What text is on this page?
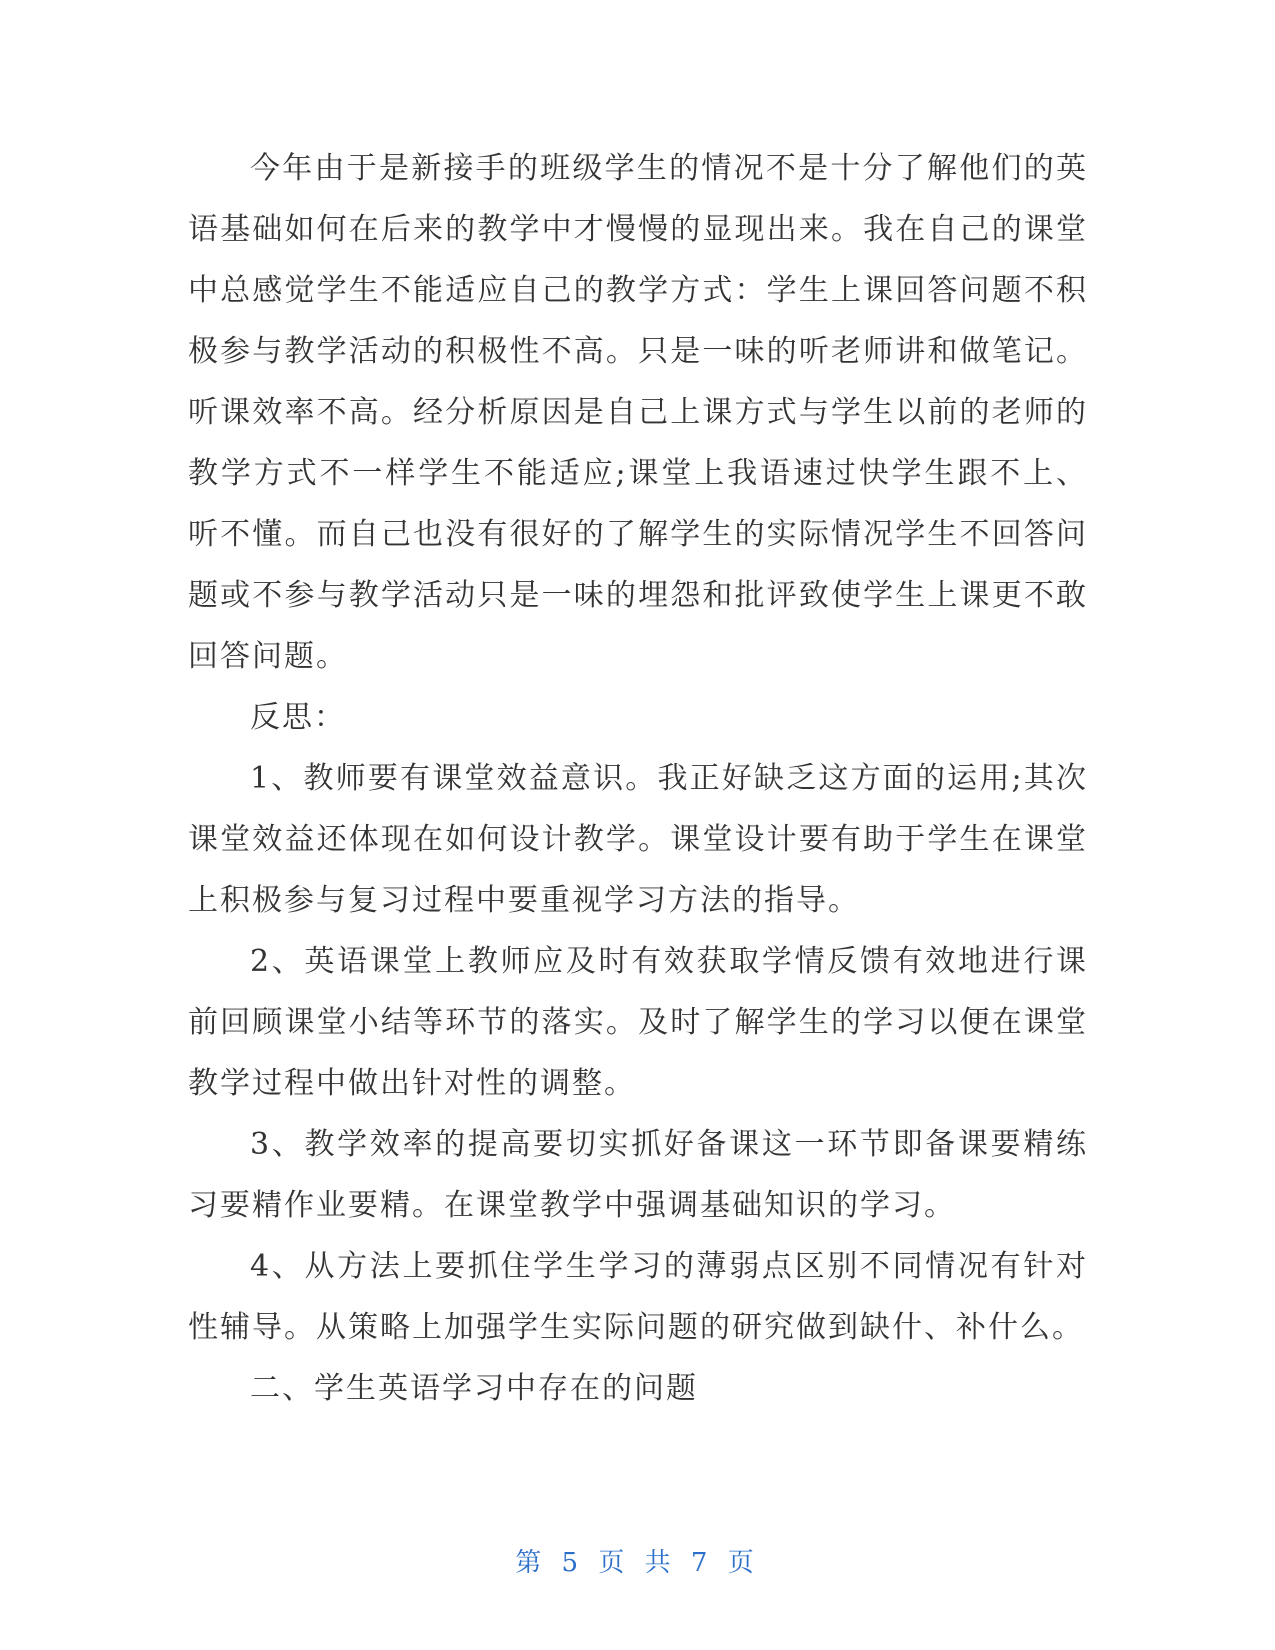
今年由于是新接手的班级学生的情况不是十分了解他们的英语基础如何在后来的教学中才慢慢的显现出来。我在自己的课堂中总感觉学生不能适应自己的教学方式：学生上课回答问题不积极参与教学活动的积极性不高。只是一味的听老师讲和做笔记。听课效率不高。经分析原因是自己上课方式与学生以前的老师的教学方式不一样学生不能适应;课堂上我语速过快学生跟不上、听不懂。而自己也没有很好的了解学生的实际情况学生不回答问题或不参与教学活动只是一味的埋怨和批评致使学生上课更不敢回答问题。

反思：

1、教师要有课堂效益意识。我正好缺乏这方面的运用;其次课堂效益还体现在如何设计教学。课堂设计要有助于学生在课堂上积极参与复习过程中要重视学习方法的指导。

2、英语课堂上教师应及时有效获取学情反馈有效地进行课前回顾课堂小结等环节的落实。及时了解学生的学习以便在课堂教学过程中做出针对性的调整。

3、教学效率的提高要切实抓好备课这一环节即备课要精练习要精作业要精。在课堂教学中强调基础知识的学习。

4、从方法上要抓住学生学习的薄弱点区别不同情况有针对性辅导。从策略上加强学生实际问题的研究做到缺什、补什么。

二、学生英语学习中存在的问题

第 5 页 共 7 页
